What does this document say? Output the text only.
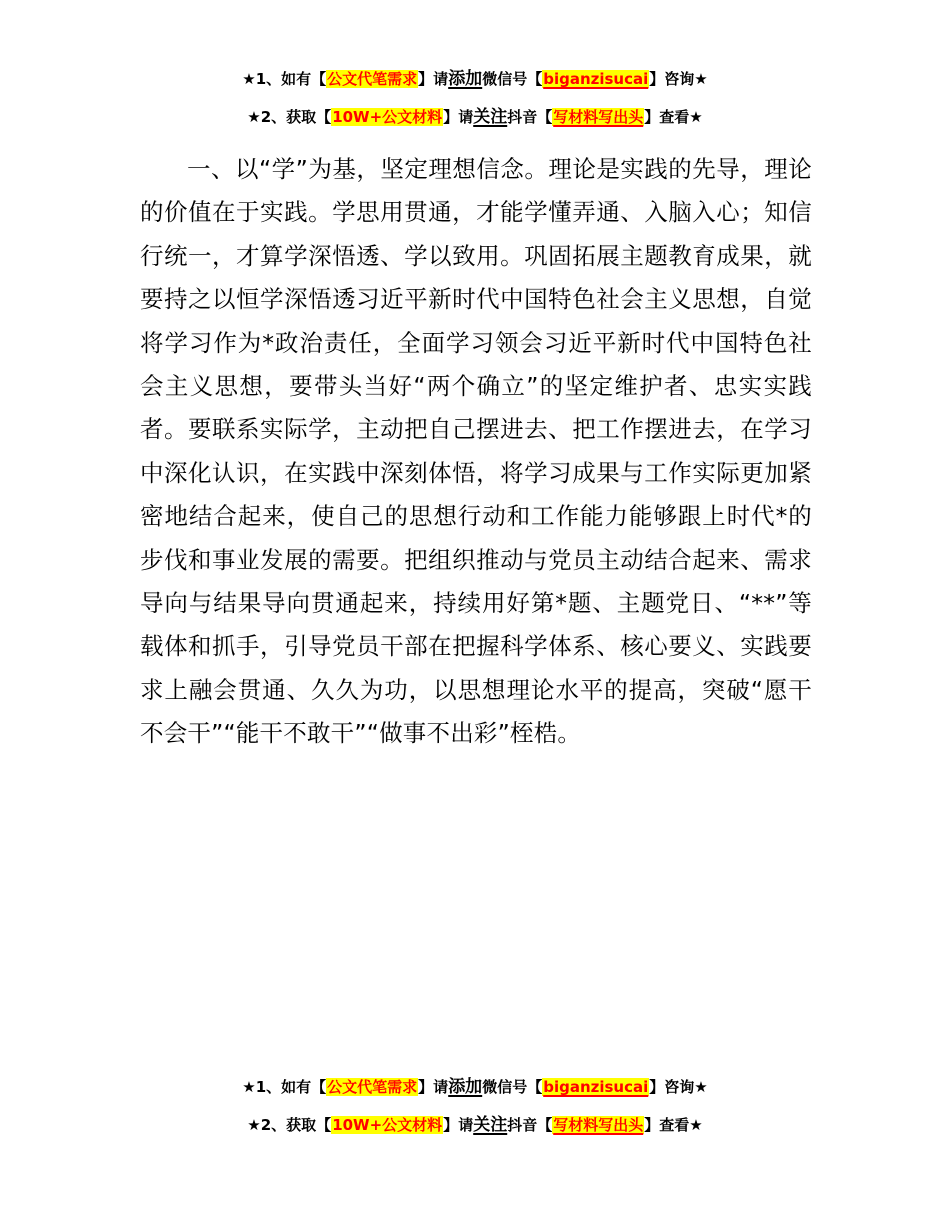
★1、如有【公文代笔需求】请添加微信号【biganzisucai】咨询★
★2、获取【10W+公文材料】请关注抖音【写材料写出头】查看★

一、以“学”为基，坚定理想信念。理论是实践的先导，理论的价值在于实践。学思用贯通，才能学懂弄通、入脑入心；知信行统一，才算学深悟透、学以致用。巩固拓展主题教育成果，就要持之以恒学深悟透习近平新时代中国特色社会主义思想，自觉将学习作为*政治责任，全面学习领会习近平新时代中国特色社会主义思想，要带头当好“两个确立”的坚定维护者、忠实实践者。要联系实际学，主动把自己摆进去、把工作摆进去，在学习中深化认识，在实践中深刻体悟，将学习成果与工作实际更加紧密地结合起来，使自己的思想行动和工作能力能够跟上时代*的步伐和事业发展的需要。把组织推动与党员主动结合起来、需求导向与结果导向贯通起来，持续用好第*题、主题党日、“**”等载体和抓手，引导党员干部在把握科学体系、核心要义、实践要求上融会贯通、久久为功，以思想理论水平的提高，突破“愿干不会干”“能干不敢干”“做事不出彩”桎梏。

★1、如有【公文代笔需求】请添加微信号【biganzisucai】咨询★
★2、获取【10W+公文材料】请关注抖音【写材料写出头】查看★
